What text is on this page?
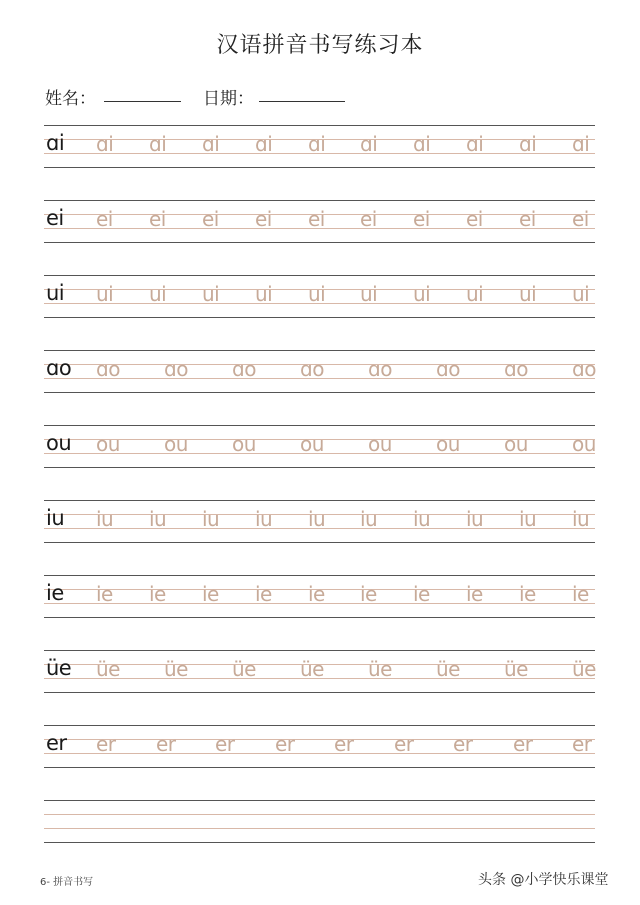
汉语拼音书写练习本
姓名：	日期：
ɑi ɑi ɑi ɑi ɑi ɑi ɑi ɑi ɑi ɑi ɑi
ei ei ei ei ei ei ei ei ei ei ei
ui ui ui ui ui ui ui ui ui ui ui
ɑo ɑo ɑo ɑo ɑo ɑo ɑo ɑo ɑo
ou ou ou ou ou ou ou ou ou
iu iu iu iu iu iu iu iu iu iu iu
ie ie ie ie ie ie ie ie ie ie ie
üe üe üe üe üe üe üe üe üe
er er er er er er er er er er
6- 拼音书写	头条 @小学快乐课堂
